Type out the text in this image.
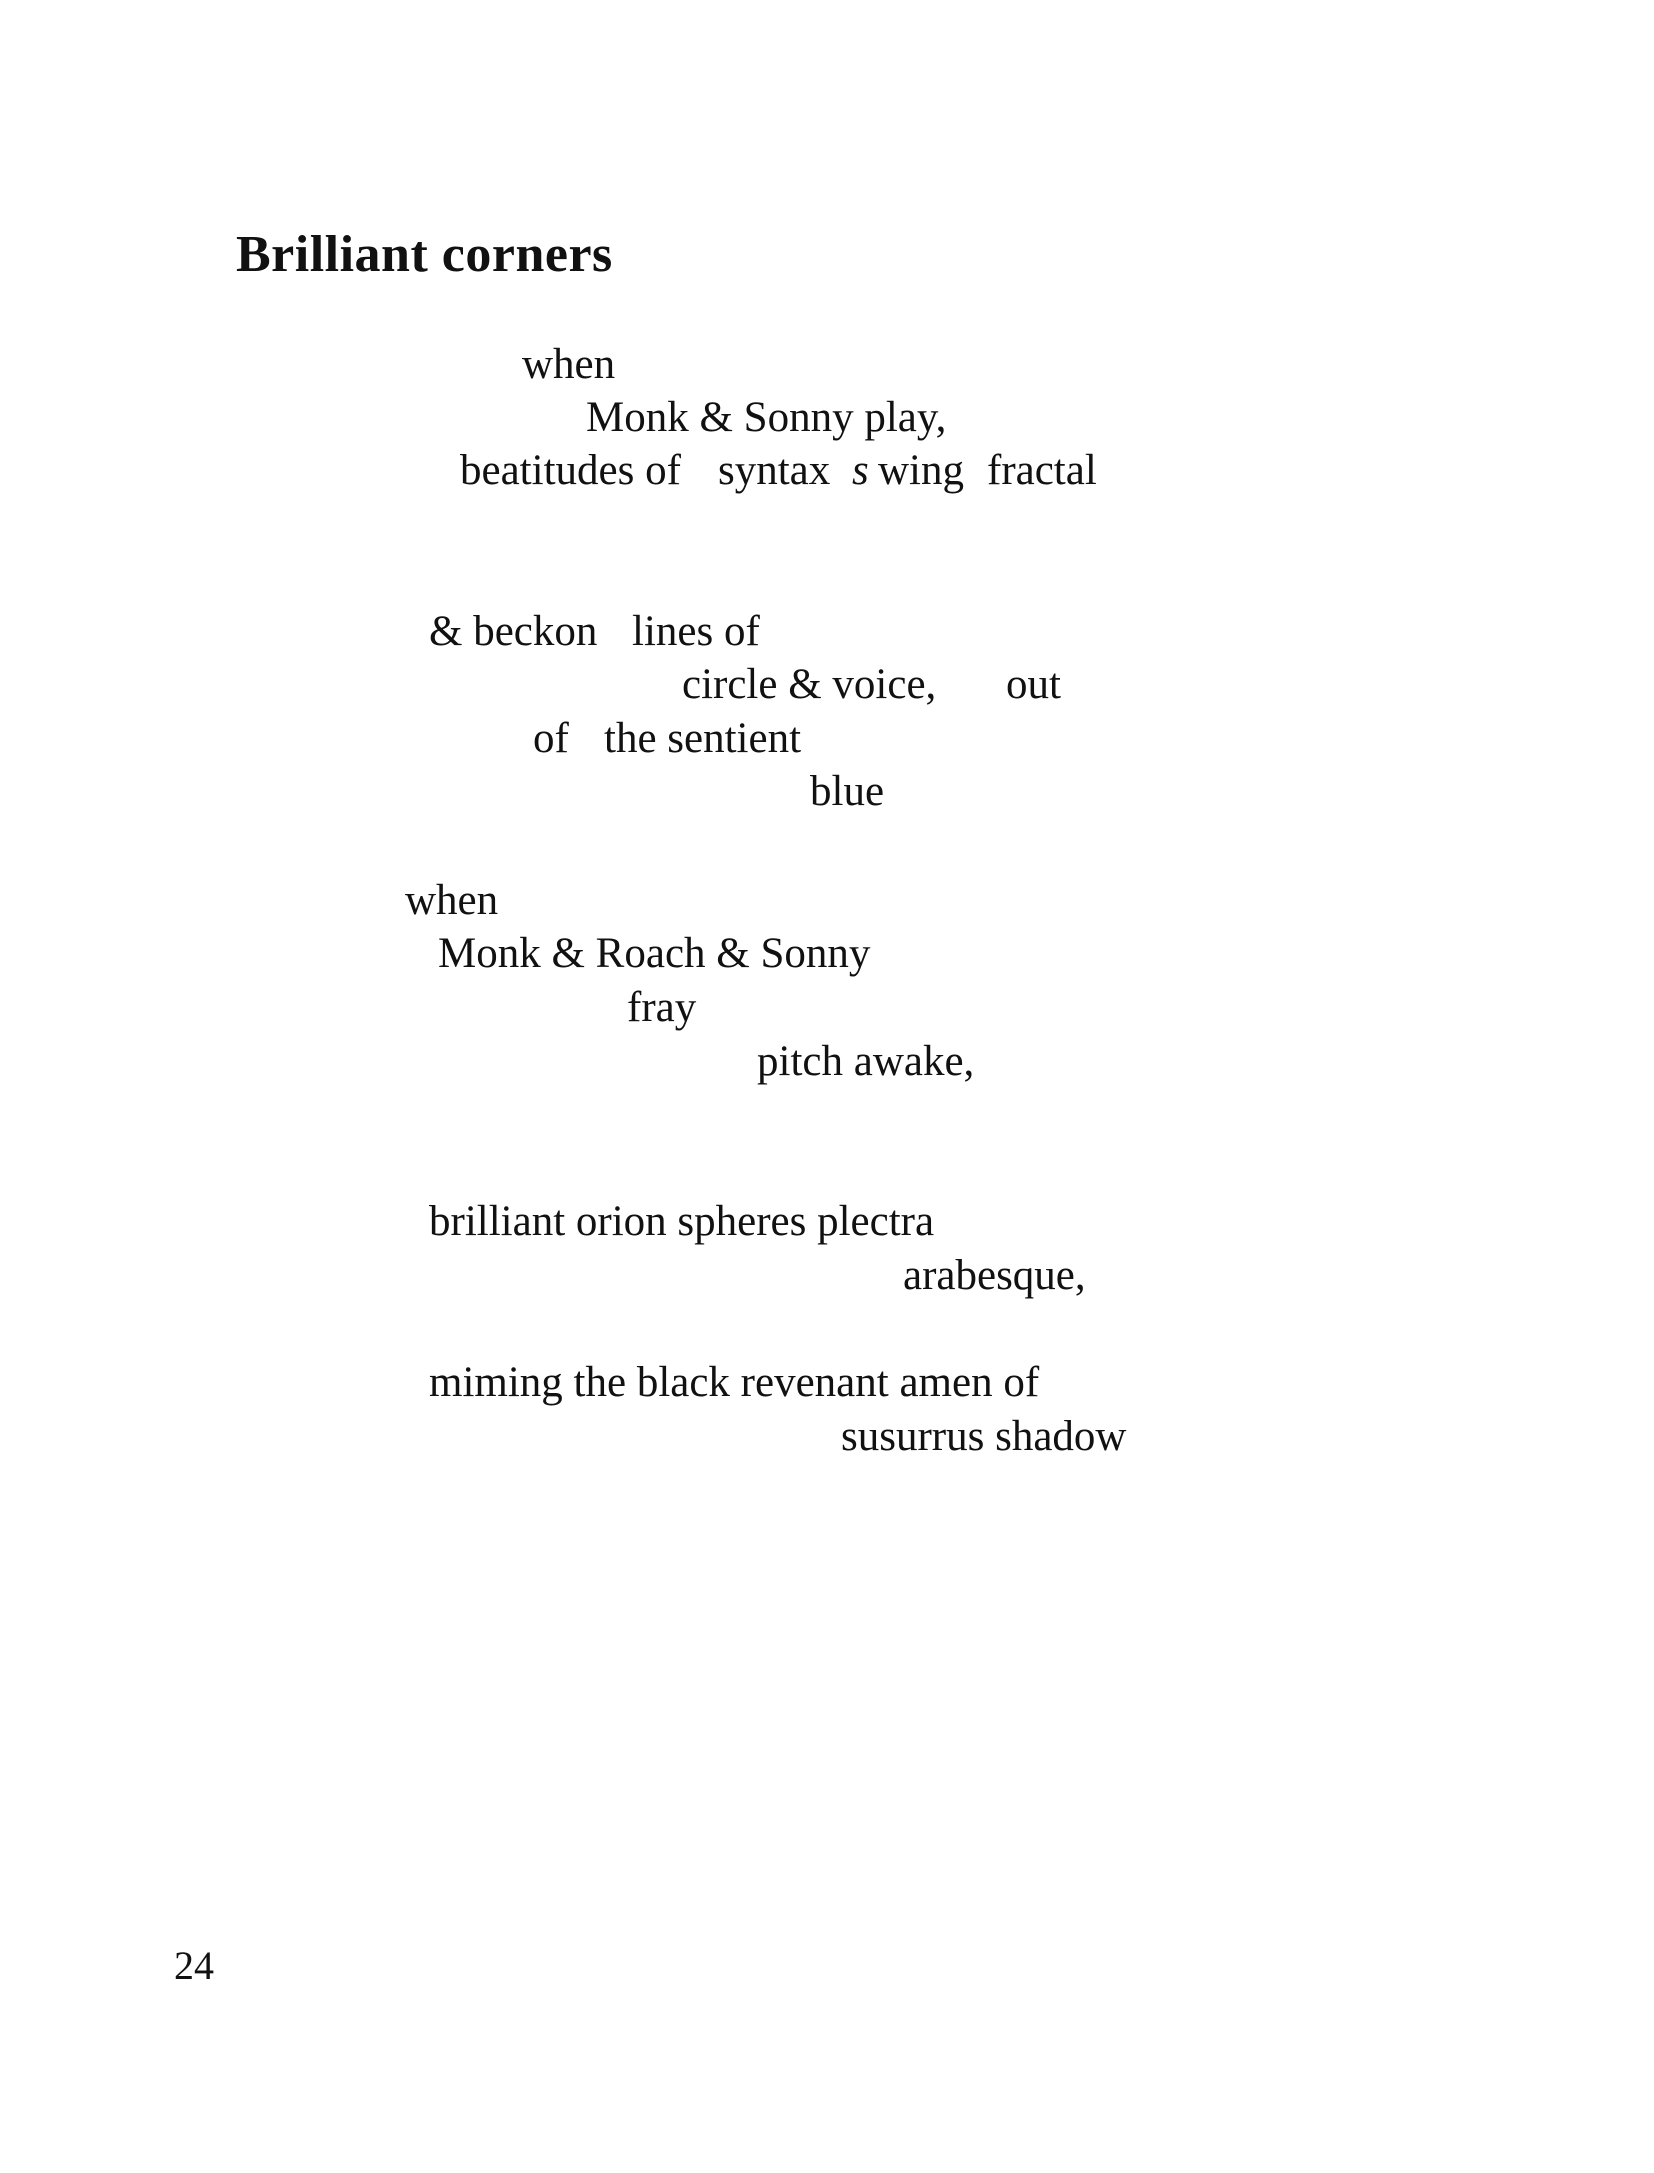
Brilliant corners
when
Monk & Sonny play,
beatitudes of syntax s wing fractal
& beckon lines of
circle & voice, out
of the sentient
blue
when
Monk & Roach & Sonny
fray
pitch awake,
brilliant orion spheres plectra
arabesque,
miming the black revenant amen of
susurrus shadow
24
